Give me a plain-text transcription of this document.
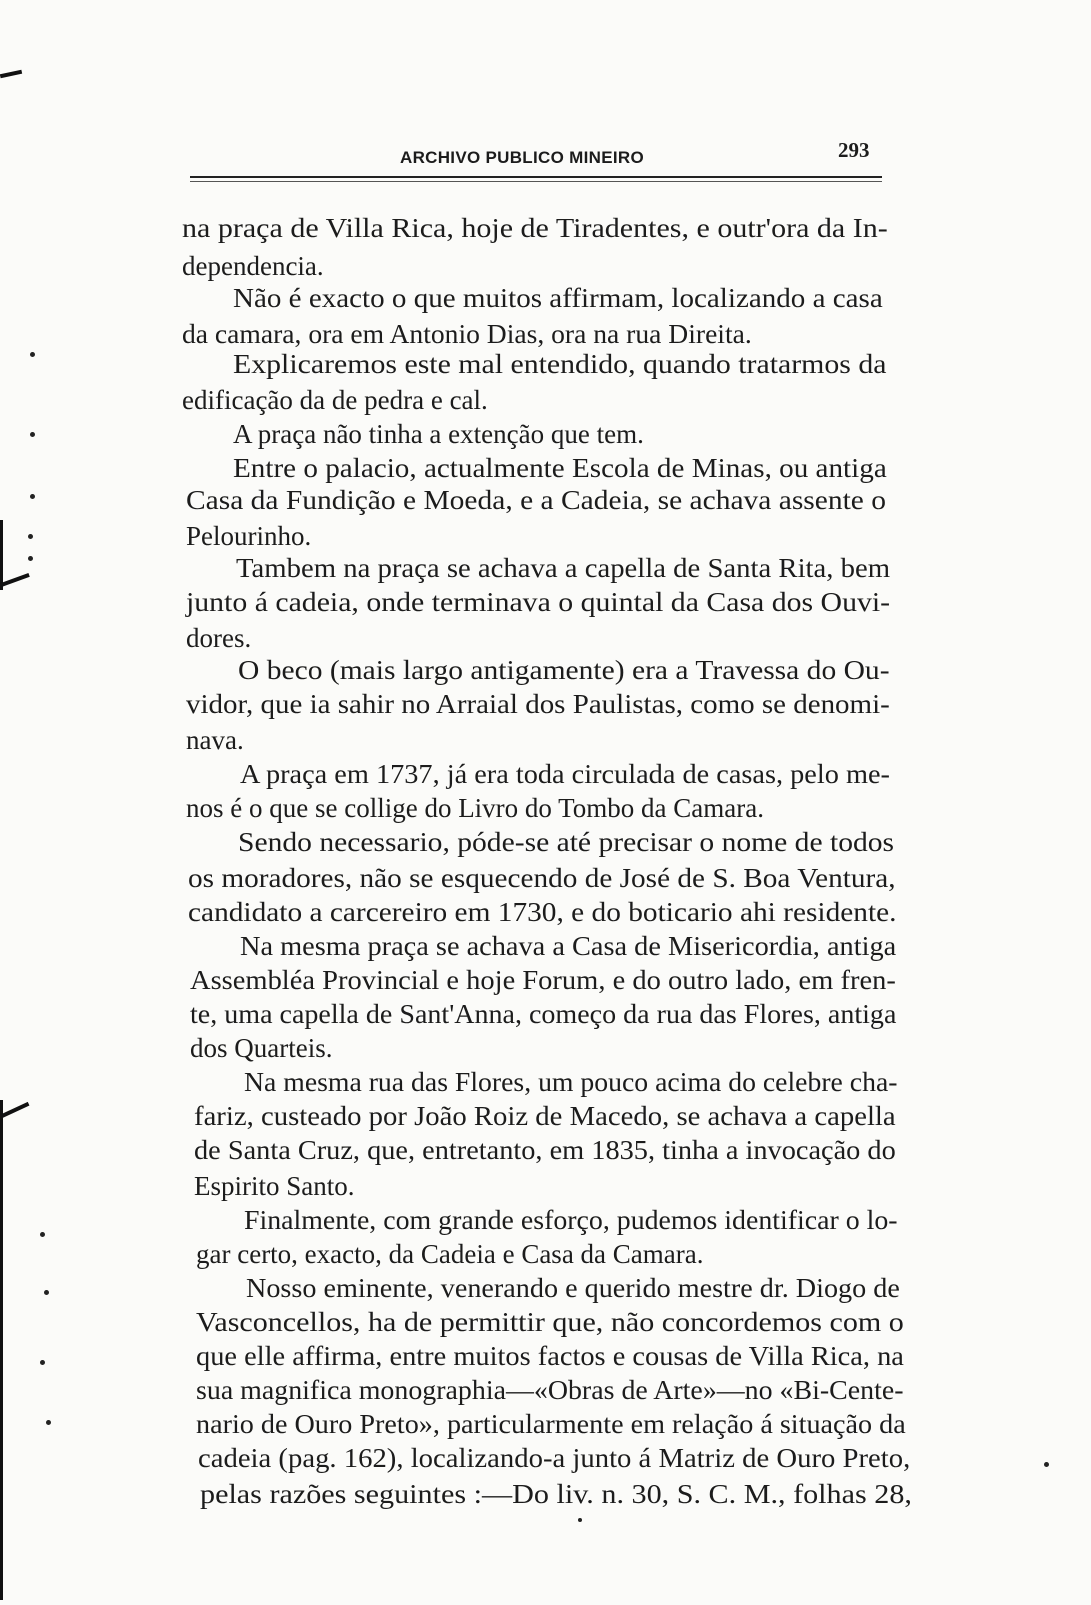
ARCHIVO PUBLICO MINEIRO	293
na praça de Villa Rica, hoje de Tiradentes, e outr'ora da In-
dependencia.
Não é exacto o que muitos affirmam, localizando a casa
da camara, ora em Antonio Dias, ora na rua Direita.
Explicaremos este mal entendido, quando tratarmos da
edificação da de pedra e cal.
A praça não tinha a extenção que tem.
Entre o palacio, actualmente Escola de Minas, ou antiga
Casa da Fundição e Moeda, e a Cadeia, se achava assente o
Pelourinho.
Tambem na praça se achava a capella de Santa Rita, bem
junto á cadeia, onde terminava o quintal da Casa dos Ouvi-
dores.
O beco (mais largo antigamente) era a Travessa do Ou-
vidor, que ia sahir no Arraial dos Paulistas, como se denomi-
nava.
A praça em 1737, já era toda circulada de casas, pelo me-
nos é o que se collige do Livro do Tombo da Camara.
Sendo necessario, póde-se até precisar o nome de todos
os moradores, não se esquecendo de José de S. Boa Ventura,
candidato a carcereiro em 1730, e do boticario ahi residente.
Na mesma praça se achava a Casa de Misericordia, antiga
Assembléa Provincial e hoje Forum, e do outro lado, em fren-
te, uma capella de Sant'Anna, começo da rua das Flores, antiga
dos Quarteis.
Na mesma rua das Flores, um pouco acima do celebre cha-
fariz, custeado por João Roiz de Macedo, se achava a capella
de Santa Cruz, que, entretanto, em 1835, tinha a invocação do
Espirito Santo.
Finalmente, com grande esforço, pudemos identificar o lo-
gar certo, exacto, da Cadeia e Casa da Camara.
Nosso eminente, venerando e querido mestre dr. Diogo de
Vasconcellos, ha de permittir que, não concordemos com o
que elle affirma, entre muitos factos e cousas de Villa Rica, na
sua magnifica monographia—«Obras de Arte»—no «Bi-Cente-
nario de Ouro Preto», particularmente em relação á situação da
cadeia (pag. 162), localizando-a junto á Matriz de Ouro Preto,
pelas razões seguintes :—Do liv. n. 30, S. C. M., folhas 28,
